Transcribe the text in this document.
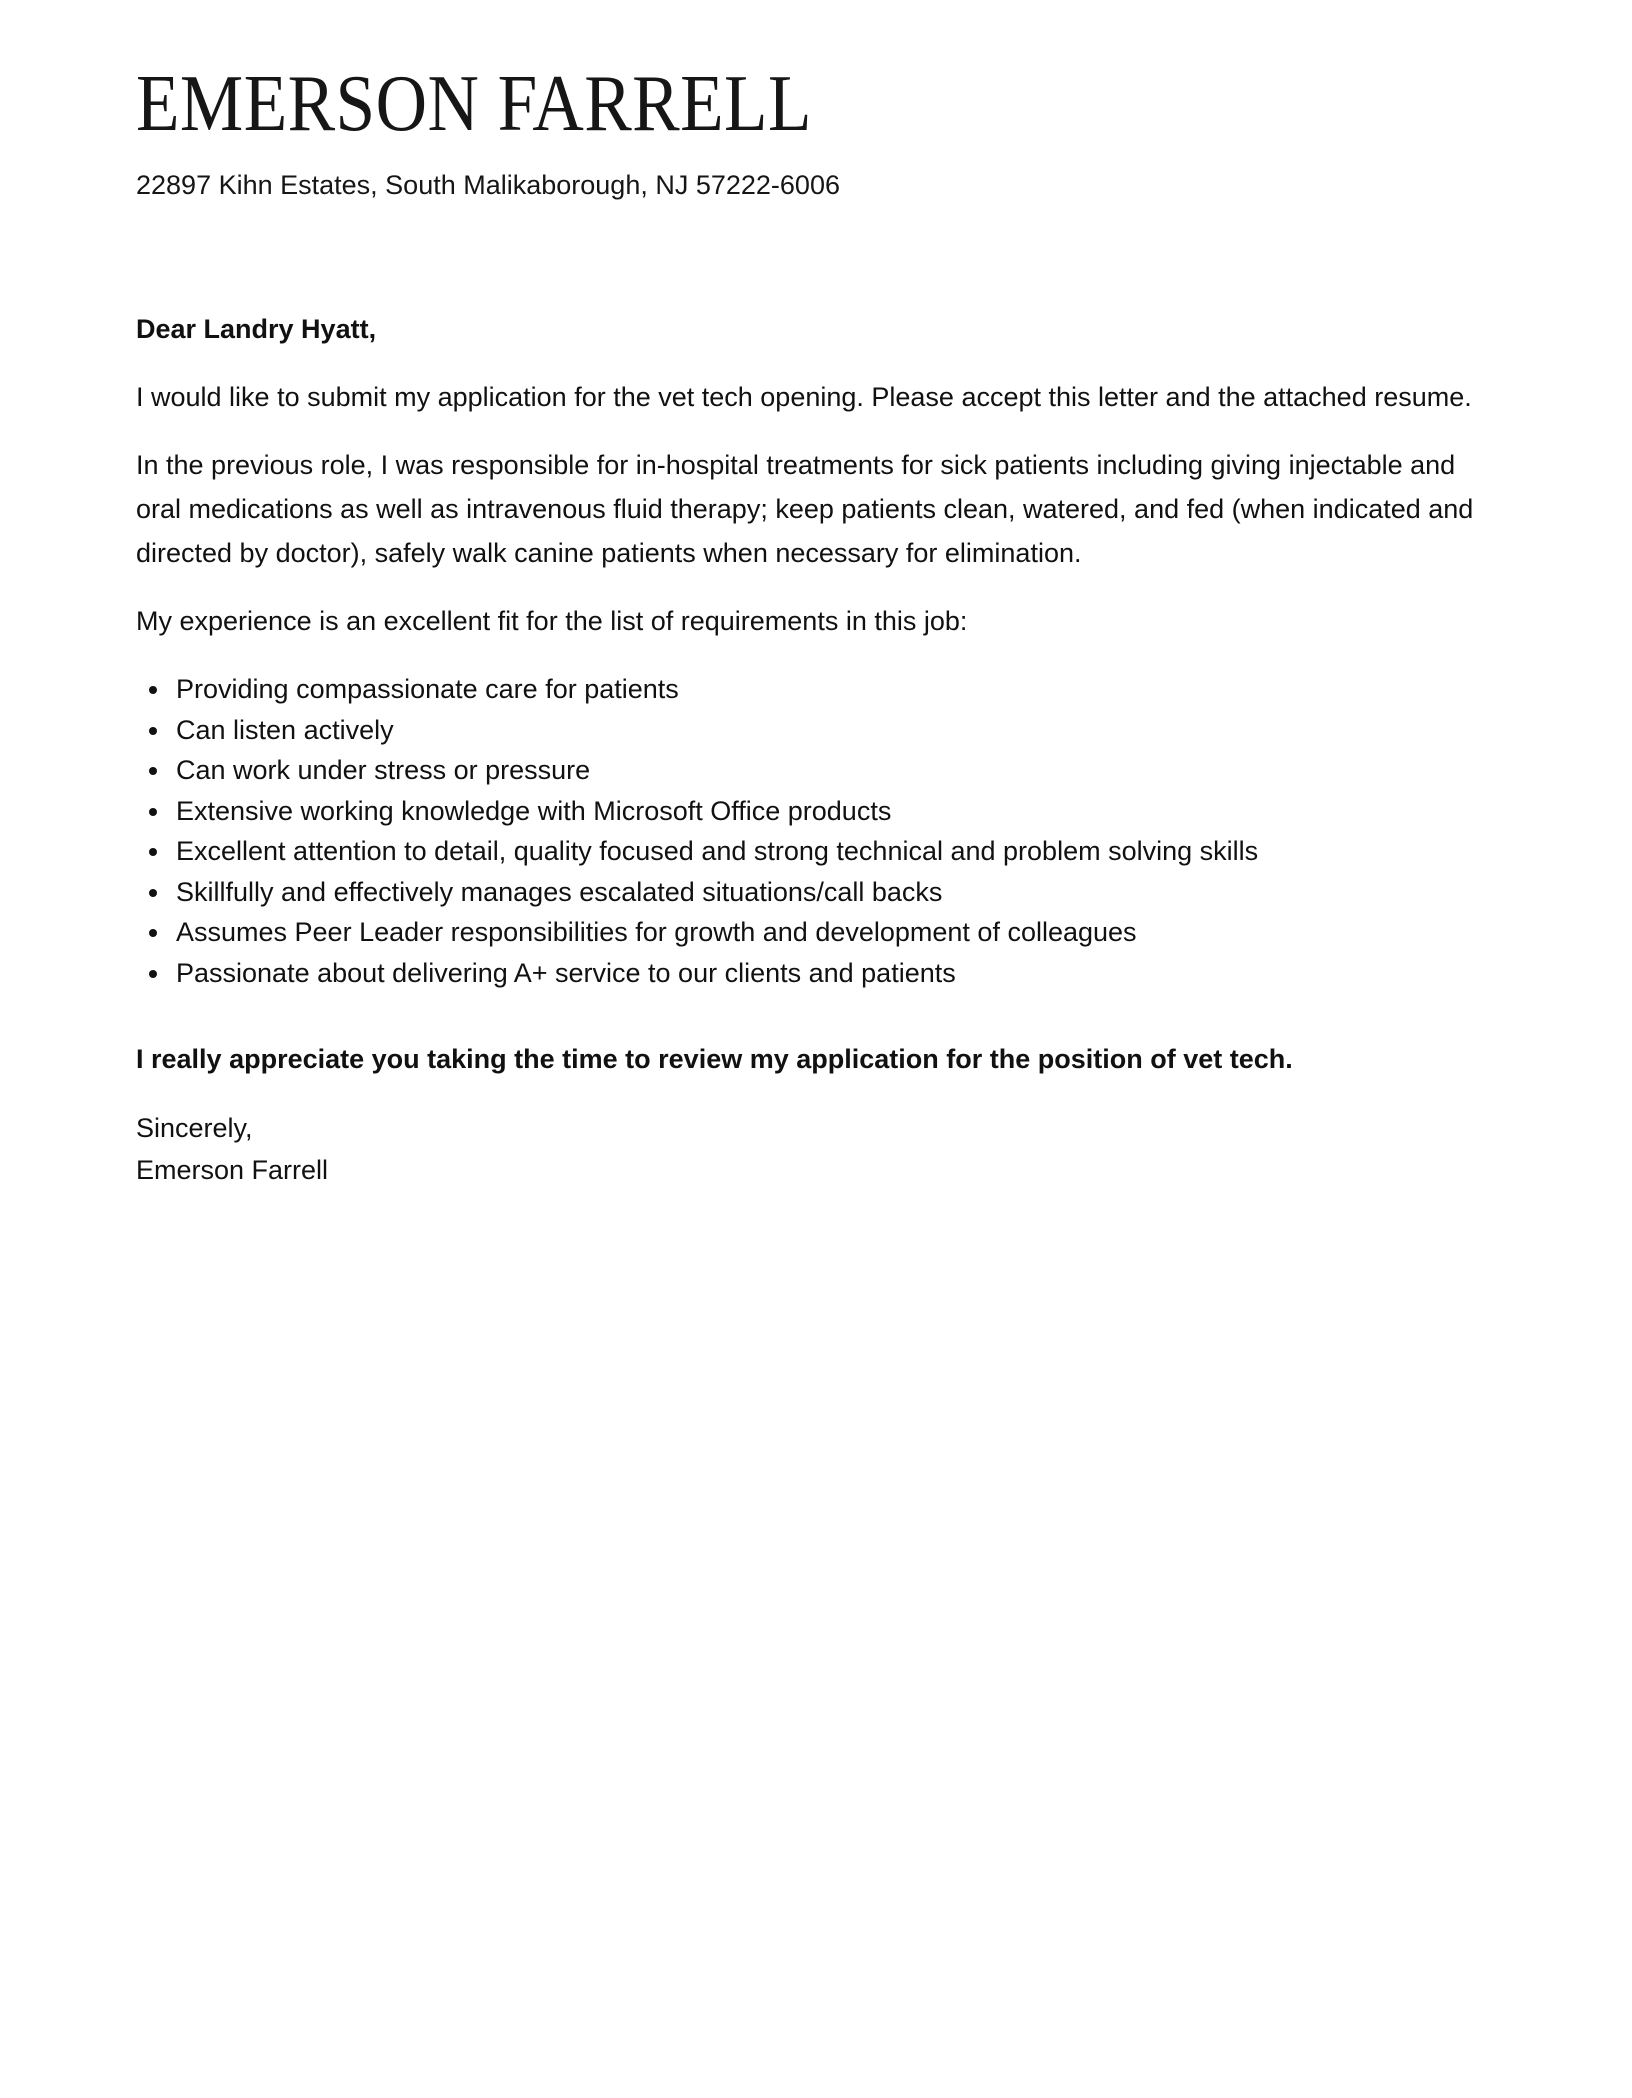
EMERSON FARRELL
22897 Kihn Estates, South Malikaborough, NJ 57222-6006

Dear Landry Hyatt,

I would like to submit my application for the vet tech opening. Please accept this letter and the attached resume.

In the previous role, I was responsible for in-hospital treatments for sick patients including giving injectable and oral medications as well as intravenous fluid therapy; keep patients clean, watered, and fed (when indicated and directed by doctor), safely walk canine patients when necessary for elimination.

My experience is an excellent fit for the list of requirements in this job:

• Providing compassionate care for patients
• Can listen actively
• Can work under stress or pressure
• Extensive working knowledge with Microsoft Office products
• Excellent attention to detail, quality focused and strong technical and problem solving skills
• Skillfully and effectively manages escalated situations/call backs
• Assumes Peer Leader responsibilities for growth and development of colleagues
• Passionate about delivering A+ service to our clients and patients

I really appreciate you taking the time to review my application for the position of vet tech.

Sincerely,
Emerson Farrell
